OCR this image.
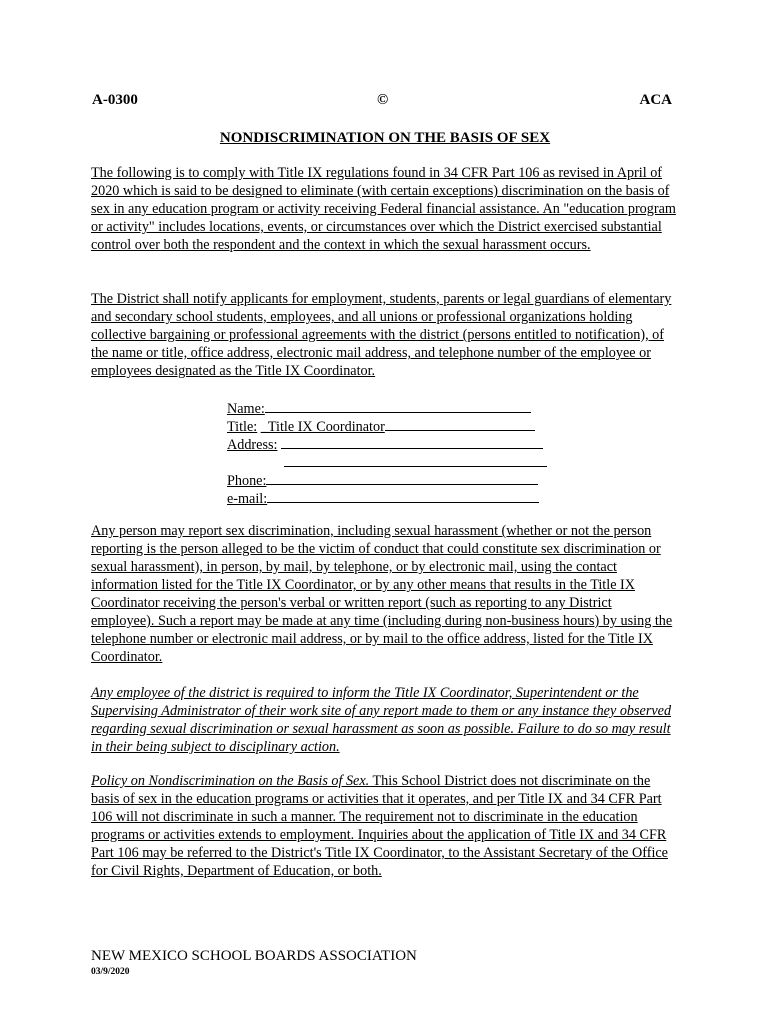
A-0300	©	ACA
NONDISCRIMINATION ON THE BASIS OF SEX
The following is to comply with Title IX regulations found in 34 CFR Part 106 as revised in April of 2020 which is said to be designed to eliminate (with certain exceptions) discrimination on the basis of sex in any education program or activity receiving Federal financial assistance. An "education program or activity" includes locations, events, or circumstances over which the District exercised substantial control over both the respondent and the context in which the sexual harassment occurs.
The District shall notify applicants for employment, students, parents or legal guardians of elementary and secondary school students, employees, and all unions or professional organizations holding collective bargaining or professional agreements with the district (persons entitled to notification), of the name or title, office address, electronic mail address, and telephone number of the employee or employees designated as the Title IX Coordinator.
Name:
Title: _Title IX Coordinator
Address:
Phone:
e-mail:
Any person may report sex discrimination, including sexual harassment (whether or not the person reporting is the person alleged to be the victim of conduct that could constitute sex discrimination or sexual harassment), in person, by mail, by telephone, or by electronic mail, using the contact information listed for the Title IX Coordinator, or by any other means that results in the Title IX Coordinator receiving the person's verbal or written report (such as reporting to any District employee). Such a report may be made at any time (including during non-business hours) by using the telephone number or electronic mail address, or by mail to the office address, listed for the Title IX Coordinator.
Any employee of the district is required to inform the Title IX Coordinator, Superintendent or the Supervising Administrator of their work site of any report made to them or any instance they observed regarding sexual discrimination or sexual harassment as soon as possible. Failure to do so may result in their being subject to disciplinary action.
Policy on Nondiscrimination on the Basis of Sex. This School District does not discriminate on the basis of sex in the education programs or activities that it operates, and per Title IX and 34 CFR Part 106 will not discriminate in such a manner. The requirement not to discriminate in the education programs or activities extends to employment. Inquiries about the application of Title IX and 34 CFR Part 106 may be referred to the District's Title IX Coordinator, to the Assistant Secretary of the Office for Civil Rights, Department of Education, or both.
NEW MEXICO SCHOOL BOARDS ASSOCIATION
03/9/2020
